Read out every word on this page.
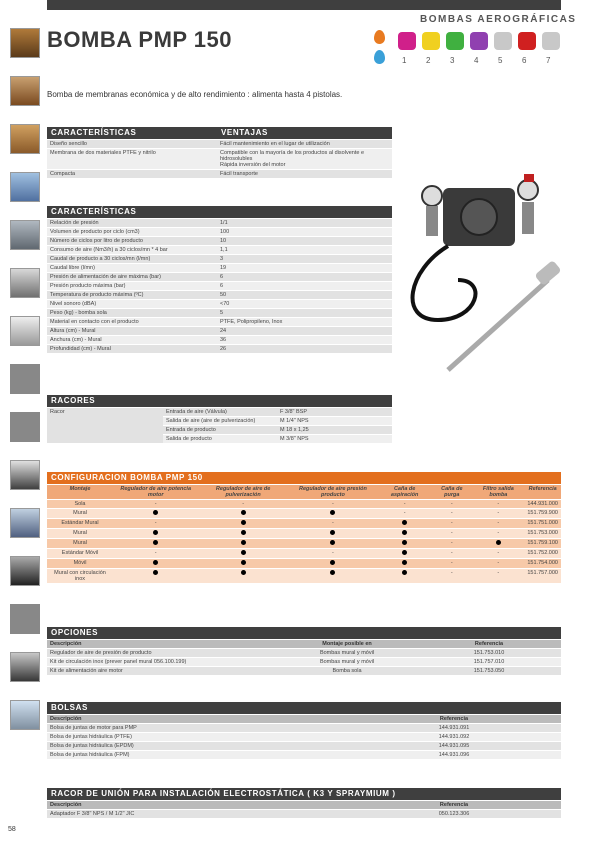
BOMBA PMP 150
BOMBAS AEROGRÁFICAS
1 2 3 4 5 6 7
Bomba de membranas económica y de alto rendimiento : alimenta hasta 4 pistolas.
CARACTERÍSTICAS	VENTAJAS
Diseño sencillo	Fácil mantenimiento en el lugar de utilización
Membrana de dos materiales PTFE y nitrilo	Compatible con la mayoría de los productos al disolvente e hidrosolubles
Rápida inversión del motor
Compacta	Fácil transporte
CARACTERÍSTICAS
Relación de presión	1/1
Volumen de producto por ciclo (cm3)	100
Número de ciclos por litro de producto	10
Consumo de aire (Nm3/h) a 30 ciclos/mn * 4 bar	1,1
Caudal de producto a 30 ciclos/mn (l/mn)	3
Caudal libre (l/mn)	19
Presión de alimentación de aire máxima (bar)	6
Presión producto máxima (bar)	6
Temperatura de producto máxima (ºC)	50
Nivel sonoro (dBA)	<70
Peso (kg) - bomba sola	5
Material en contacto con el producto	PTFE, Polipropileno, Inox
Altura (cm) - Mural	24
Anchura (cm) - Mural	36
Profundidad (cm) - Mural	26
RACORES
Racor	Entrada de aire (Válvula)	F 3/8" BSP
	Salida de aire (aire de pulverización)	M 1/4" NPS
	Entrada de producto	M 18 x 1,25
	Salida de producto	M 3/8" NPS
CONFIGURACION BOMBA PMP 150
Montaje	Regulador de aire potencia motor	Regulador de aire de pulverización	Regulador de aire presión producto	Caña de aspiración	Caña de purga	Filtro salida bomba	Referencia
Sola	-	-	-	-	-	-	144.931.000
Mural				-	-	-	151.759.900
Estándar Mural	-		-		-	-	151.751.000
Mural					-	-	151.753.000
Mural					-		151.759.100
Estándar Móvil	-		-		-	-	151.752.000
Móvil					-	-	151.754.000
Mural con circulación inox					-	-	151.757.000
OPCIONES
Descripción	Montaje posible en	Referencia
Regulador de aire de presión de producto	Bombas mural y móvil	151.753.010
Kit de circulación inox (prever panel mural 056.100.199)	Bombas mural y móvil	151.757.010
Kit de alimentación aire motor	Bomba sola	151.753.050
BOLSAS
Descripción	Referencia
Bolsa de juntas de motor para PMP	144.931.091
Bolsa de juntas hidráulica (PTFE)	144.931.092
Bolsa de juntas hidráulica (EPDM)	144.931.095
Bolsa de juntas hidráulica (FPM)	144.931.096
RACOR DE UNIÓN PARA INSTALACIÓN ELECTROSTÁTICA ( K3 Y SPRAYMIUM )
Descripción	Referencia
Adaptador F 3/8" NPS / M 1/2" JIC	050.123.306
58
